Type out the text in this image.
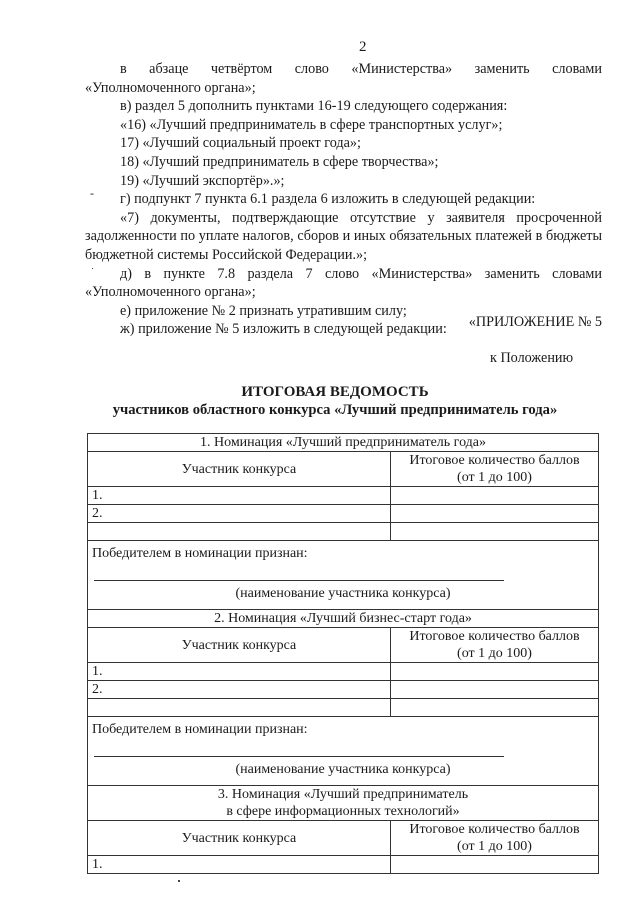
2

в абзаце четвёртом слово «Министерства» заменить словами

«Уполномоченного органа»;

в) раздел 5 дополнить пунктами 16-19 следующего содержания:

«16) «Лучший предприниматель в сфере транспортных услуг»;

17) «Лучший социальный проект года»;

18) «Лучший предприниматель в сфере творчества»;

19) «Лучший экспортёр».»;

г) подпункт 7 пункта 6.1 раздела 6 изложить в следующей редакции:

«7) документы, подтверждающие отсутствие у заявителя просроченной задолженности по уплате налогов, сборов и иных обязательных платежей в бюджеты бюджетной системы Российской Федерации.»;

д) в пункте 7.8 раздела 7 слово «Министерства» заменить словами «Уполномоченного органа»;

е) приложение № 2 признать утратившим силу;

ж) приложение № 5 изложить в следующей редакции:

-
«ПРИЛОЖЕНИЕ № 5
к Положению
ИТОГОВАЯ ВЕДОМОСТЬ
участников областного конкурса «Лучший предприниматель года»
1. Номинация «Лучший предприниматель года»	
Участник конкурса	Итоговое количество баллов
(от 1 до 100)

1.	
2.	

Победителем в номинации признан:
(наименование участника конкурса)	

2. Номинация «Лучший бизнес-старт года»	
Участник конкурса	Итоговое количество баллов
(от 1 до 100)

1.	
2.	

Победителем в номинации признан:
(наименование участника конкурса)	

3. Номинация «Лучший предприниматель
в сфере информационных технологий»	

Участник конкурса	Итоговое количество баллов
(от 1 до 100)

1.	
